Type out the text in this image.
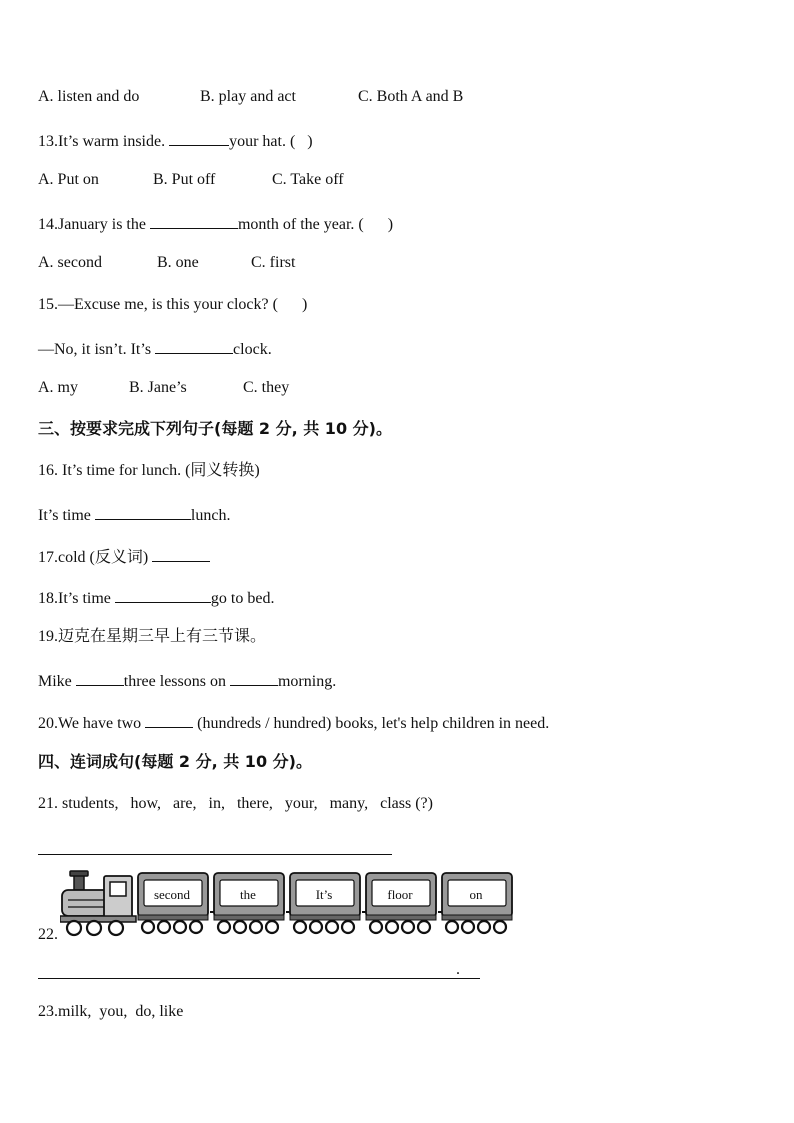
A. listen and do	B. play and act	C. Both A and B
13.It’s warm inside.	your hat. (   )
A. Put on	B. Put off	C. Take off
14.January is the	month of the year. (      )
A. second	B. one	C. first
15.—Excuse me, is this your clock? (      )
—No, it isn’t. It’s	clock.
A. my	B. Jane’s	C. they
三、按要求完成下列句子(每题 2 分, 共 10 分)。
16. It’s time for lunch. (同义转换)
It’s time	lunch.
17.cold (反义词)
18.It’s time	go to bed.
19.迈克在星期三早上有三节课。
Mike	three lessons on	morning.
20.We have two	(hundreds / hundred) books, let's help children in need.
四、连词成句(每题 2 分, 共 10 分)。
21. students,   how,   are,   in,   there,   your,   many,   class (?)
22.
second	the	It’s	floor	on
.
23.milk,  you,  do, like
